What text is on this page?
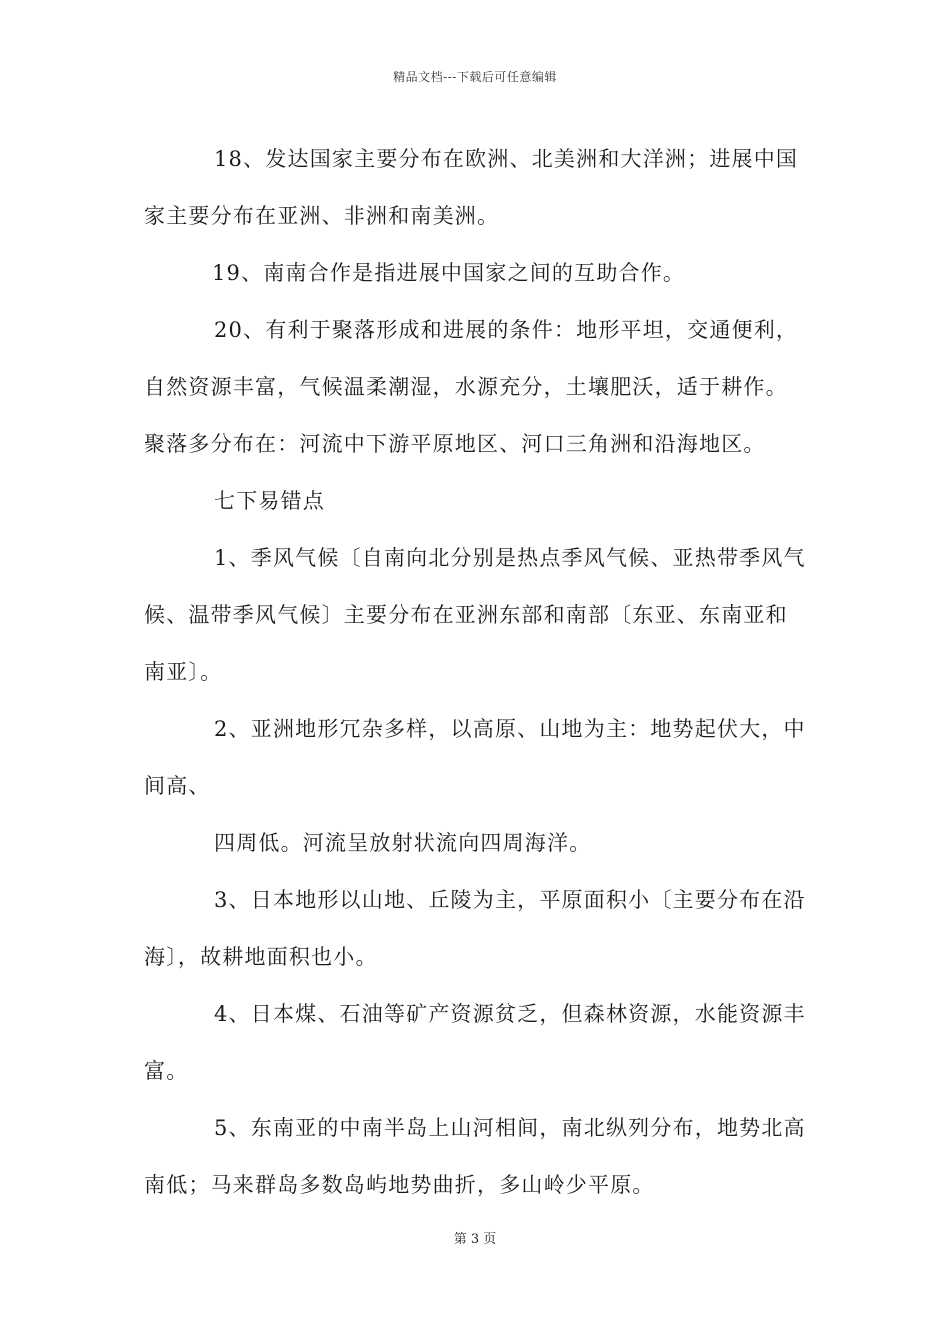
精品文档---下载后可任意编辑
18、发达国家主要分布在欧洲、北美洲和大洋洲；进展中国
家主要分布在亚洲、非洲和南美洲。
19、南南合作是指进展中国家之间的互助合作。
20、有利于聚落形成和进展的条件：地形平坦，交通便利，
自然资源丰富，气候温柔潮湿，水源充分，土壤肥沃，适于耕作。
聚落多分布在：河流中下游平原地区、河口三角洲和沿海地区。
七下易错点
1、季风气候〔自南向北分别是热点季风气候、亚热带季风气
候、温带季风气候〕主要分布在亚洲东部和南部〔东亚、东南亚和
南亚〕。
2、亚洲地形冗杂多样，以高原、山地为主：地势起伏大，中
间高、
四周低。河流呈放射状流向四周海洋。
3、日本地形以山地、丘陵为主，平原面积小〔主要分布在沿
海〕，故耕地面积也小。
4、日本煤、石油等矿产资源贫乏，但森林资源，水能资源丰
富。
5、东南亚的中南半岛上山河相间，南北纵列分布，地势北高
南低；马来群岛多数岛屿地势曲折，多山岭少平原。
第 3 页
